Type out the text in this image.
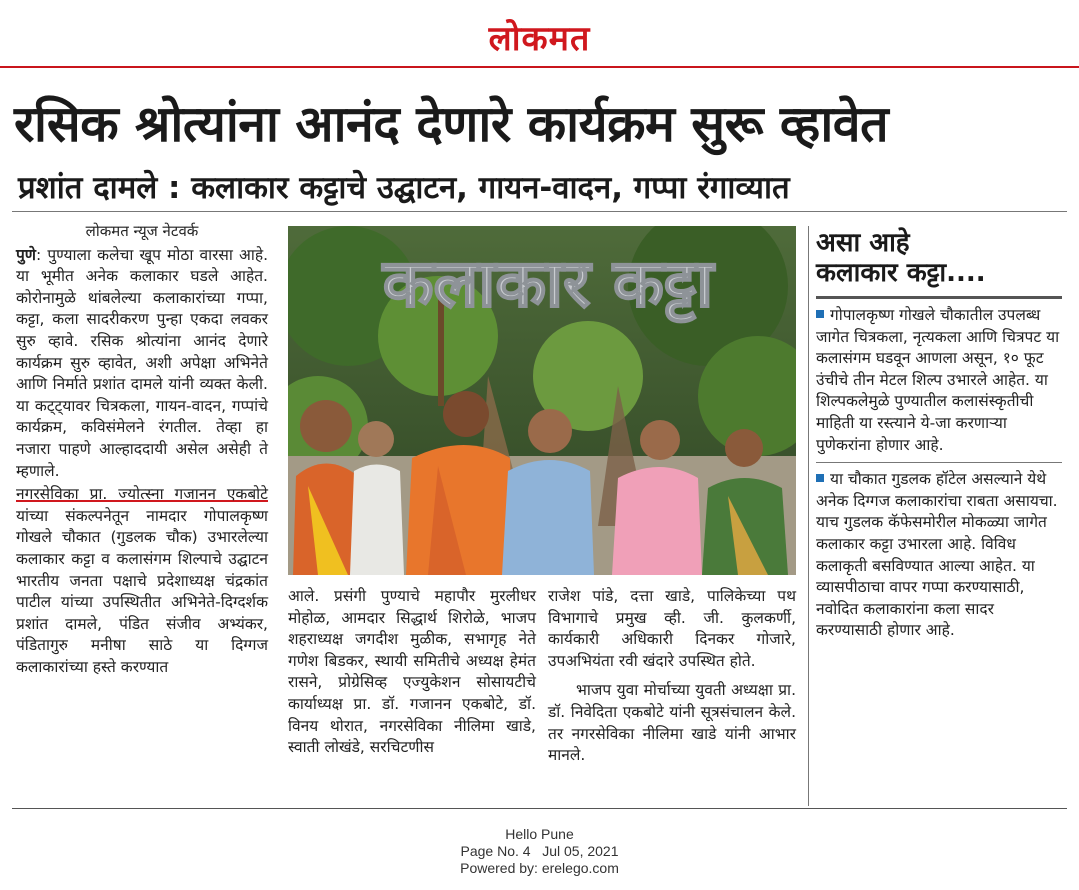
लोकमत
रसिक श्रोत्यांना आनंद देणारे कार्यक्रम सुरू व्हावेत
प्रशांत दामले : कलाकार कट्टाचे उद्घाटन, गायन-वादन, गप्पा रंगाव्यात
लोकमत न्यूज नेटवर्क
पुणे: पुण्याला कलेचा खूप मोठा वारसा आहे. या भूमीत अनेक कलाकार घडले आहेत. कोरोनामुळे थांबलेल्या कलाकारांच्या गप्पा, कट्टा, कला सादरीकरण पुन्हा एकदा लवकर सुरु व्हावे. रसिक श्रोत्यांना आनंद देणारे कार्यक्रम सुरु व्हावेत, अशी अपेक्षा अभिनेते आणि निर्माते प्रशांत दामले यांनी व्यक्त केली. या कट्ट्यावर चित्रकला, गायन-वादन, गप्पांचे कार्यक्रम, कविसंमेलने रंगतील. तेव्हा हा नजारा पाहणे आल्हाददायी असेल असेही ते म्हणाले.
नगरसेविका प्रा. ज्योत्स्ना गजानन एकबोटे यांच्या संकल्पनेतून नामदार गोपालकृष्ण गोखले चौकात (गुडलक चौक) उभारलेल्या कलाकार कट्टा व कलासंगम शिल्पाचे उद्घाटन भारतीय जनता पक्षाचे प्रदेशाध्यक्ष चंद्रकांत पाटील यांच्या उपस्थितीत अभिनेते-दिग्दर्शक प्रशांत दामले, पंडित संजीव अभ्यंकर, पंडितागुरु मनीषा साठे या दिग्गज कलाकारांच्या हस्ते करण्यात
कलाकार कट्टा
आले. प्रसंगी पुण्याचे महापौर मुरलीधर मोहोळ, आमदार सिद्धार्थ शिरोळे, भाजप शहराध्यक्ष जगदीश मुळीक, सभागृह नेते गणेश बिडकर, स्थायी समितीचे अध्यक्ष हेमंत रासने, प्रोग्रेसिव्ह एज्युकेशन सोसायटीचे कार्याध्यक्ष प्रा. डॉ. गजानन एकबोटे, डॉ. विनय थोरात, नगरसेविका नीलिमा खाडे, स्वाती लोखंडे, सरचिटणीस
राजेश पांडे, दत्ता खाडे, पालिकेच्या पथ विभागाचे प्रमुख व्ही. जी. कुलकर्णी, कार्यकारी अधिकारी दिनकर गोजारे, उपअभियंता रवी खंदारे उपस्थित होते.
भाजप युवा मोर्चाच्या युवती अध्यक्षा प्रा. डॉ. निवेदिता एकबोटे यांनी सूत्रसंचालन केले. तर नगरसेविका नीलिमा खाडे यांनी आभार मानले.
असा आहे
कलाकार कट्टा....
गोपालकृष्ण गोखले चौकातील उपलब्ध जागेत चित्रकला, नृत्यकला आणि चित्रपट या कलासंगम घडवून आणला असून, १० फूट उंचीचे तीन मेटल शिल्प उभारले आहेत. या शिल्पकलेमुळे पुण्यातील कलासंस्कृतीची माहिती या रस्त्याने ये-जा करणाऱ्या पुणेकरांना होणार आहे.
या चौकात गुडलक हॉटेल असल्याने येथे अनेक दिग्गज कलाकारांचा राबता असायचा. याच गुडलक कॅफेसमोरील मोकळ्या जागेत कलाकार कट्टा उभारला आहे. विविध कलाकृती बसविण्यात आल्या आहेत. या व्यासपीठाचा वापर गप्पा करण्यासाठी, नवोदित कलाकारांना कला सादर करण्यासाठी होणार आहे.
Hello Pune
Page No. 4   Jul 05, 2021
Powered by: erelego.com
